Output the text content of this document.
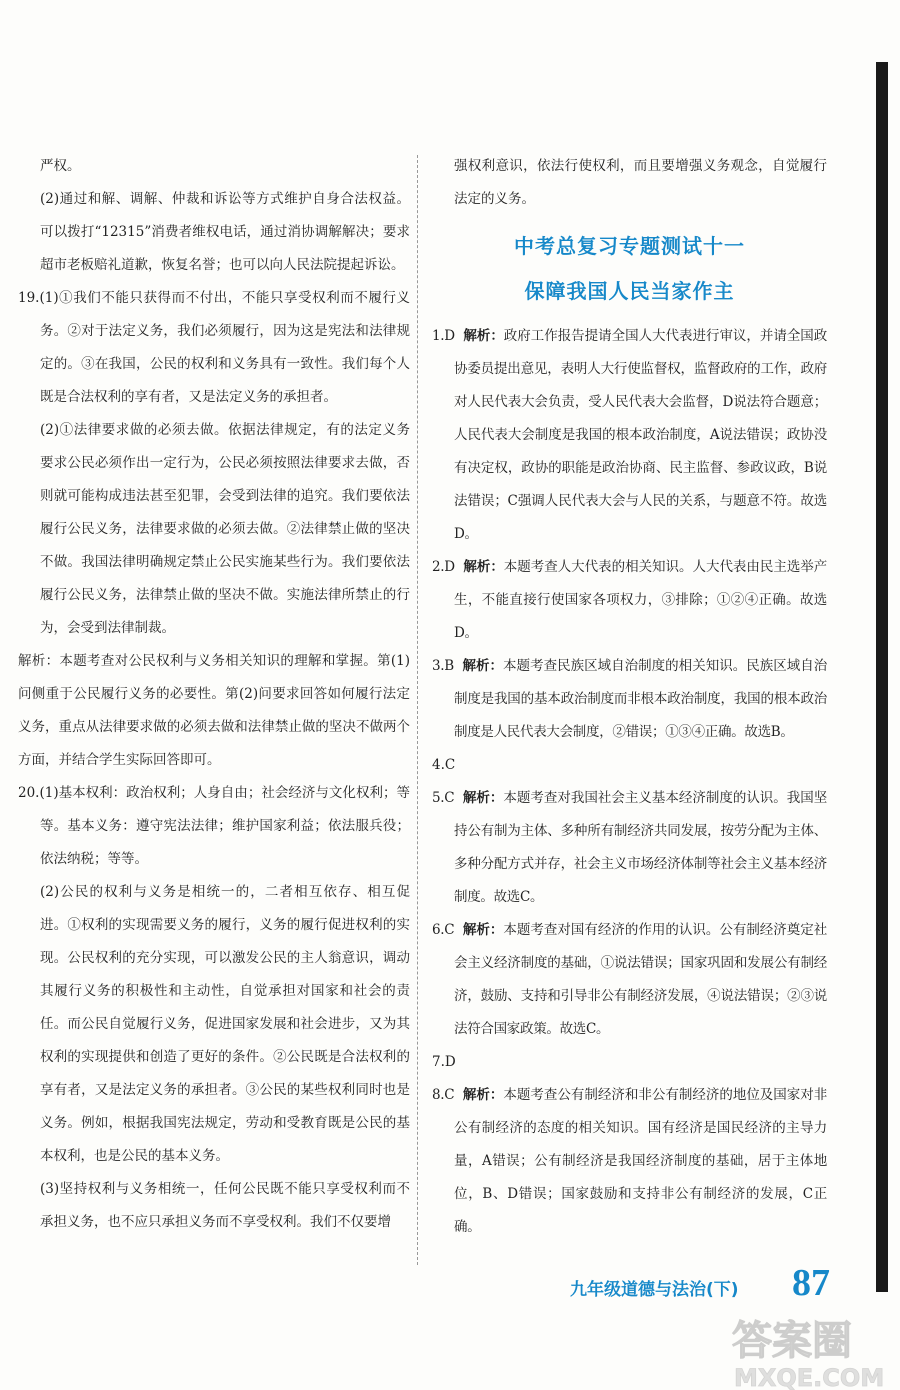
严权。

(2)通过和解、调解、仲裁和诉讼等方式维护自身合法权益。可以拨打“12315”消费者维权电话，通过消协调解解决；要求超市老板赔礼道歉，恢复名誉；也可以向人民法院提起诉讼。

19.(1)①我们不能只获得而不付出，不能只享受权利而不履行义务。②对于法定义务，我们必须履行，因为这是宪法和法律规定的。③在我国，公民的权利和义务具有一致性。我们每个人既是合法权利的享有者，又是法定义务的承担者。

(2)①法律要求做的必须去做。依据法律规定，有的法定义务要求公民必须作出一定行为，公民必须按照法律要求去做，否则就可能构成违法甚至犯罪，会受到法律的追究。我们要依法履行公民义务，法律要求做的必须去做。②法律禁止做的坚决不做。我国法律明确规定禁止公民实施某些行为。我们要依法履行公民义务，法律禁止做的坚决不做。实施法律所禁止的行为，会受到法律制裁。

解析：本题考查对公民权利与义务相关知识的理解和掌握。第(1)问侧重于公民履行义务的必要性。第(2)问要求回答如何履行法定义务，重点从法律要求做的必须去做和法律禁止做的坚决不做两个方面，并结合学生实际回答即可。

20.(1)基本权利：政治权利；人身自由；社会经济与文化权利；等等。基本义务：遵守宪法法律；维护国家利益；依法服兵役；依法纳税；等等。

(2)公民的权利与义务是相统一的，二者相互依存、相互促进。①权利的实现需要义务的履行，义务的履行促进权利的实现。公民权利的充分实现，可以激发公民的主人翁意识，调动其履行义务的积极性和主动性，自觉承担对国家和社会的责任。而公民自觉履行义务，促进国家发展和社会进步，又为其权利的实现提供和创造了更好的条件。②公民既是合法权利的享有者，又是法定义务的承担者。③公民的某些权利同时也是义务。例如，根据我国宪法规定，劳动和受教育既是公民的基本权利，也是公民的基本义务。

(3)坚持权利与义务相统一，任何公民既不能只享受权利而不承担义务，也不应只承担义务而不享受权利。我们不仅要增

强权利意识，依法行使权利，而且要增强义务观念，自觉履行法定的义务。

中考总复习专题测试十一
保障我国人民当家作主

1.D 解析：政府工作报告提请全国人大代表进行审议，并请全国政协委员提出意见，表明人大行使监督权，监督政府的工作，政府对人民代表大会负责，受人民代表大会监督，D说法符合题意；人民代表大会制度是我国的根本政治制度，A说法错误；政协没有决定权，政协的职能是政治协商、民主监督、参政议政，B说法错误；C强调人民代表大会与人民的关系，与题意不符。故选D。

2.D 解析：本题考查人大代表的相关知识。人大代表由民主选举产生，不能直接行使国家各项权力，③排除；①②④正确。故选D。

3.B 解析：本题考查民族区域自治制度的相关知识。民族区域自治制度是我国的基本政治制度而非根本政治制度，我国的根本政治制度是人民代表大会制度，②错误；①③④正确。故选B。

4.C

5.C 解析：本题考查对我国社会主义基本经济制度的认识。我国坚持公有制为主体、多种所有制经济共同发展，按劳分配为主体、多种分配方式并存，社会主义市场经济体制等社会主义基本经济制度。故选C。

6.C 解析：本题考查对国有经济的作用的认识。公有制经济奠定社会主义经济制度的基础，①说法错误；国家巩固和发展公有制经济，鼓励、支持和引导非公有制经济发展，④说法错误；②③说法符合国家政策。故选C。

7.D

8.C 解析：本题考查公有制经济和非公有制经济的地位及国家对非公有制经济的态度的相关知识。国有经济是国民经济的主导力量，A错误；公有制经济是我国经济制度的基础，居于主体地位，B、D错误；国家鼓励和支持非公有制经济的发展，C正确。

九年级道德与法治(下) 87
答案圈
MXQE.COM
